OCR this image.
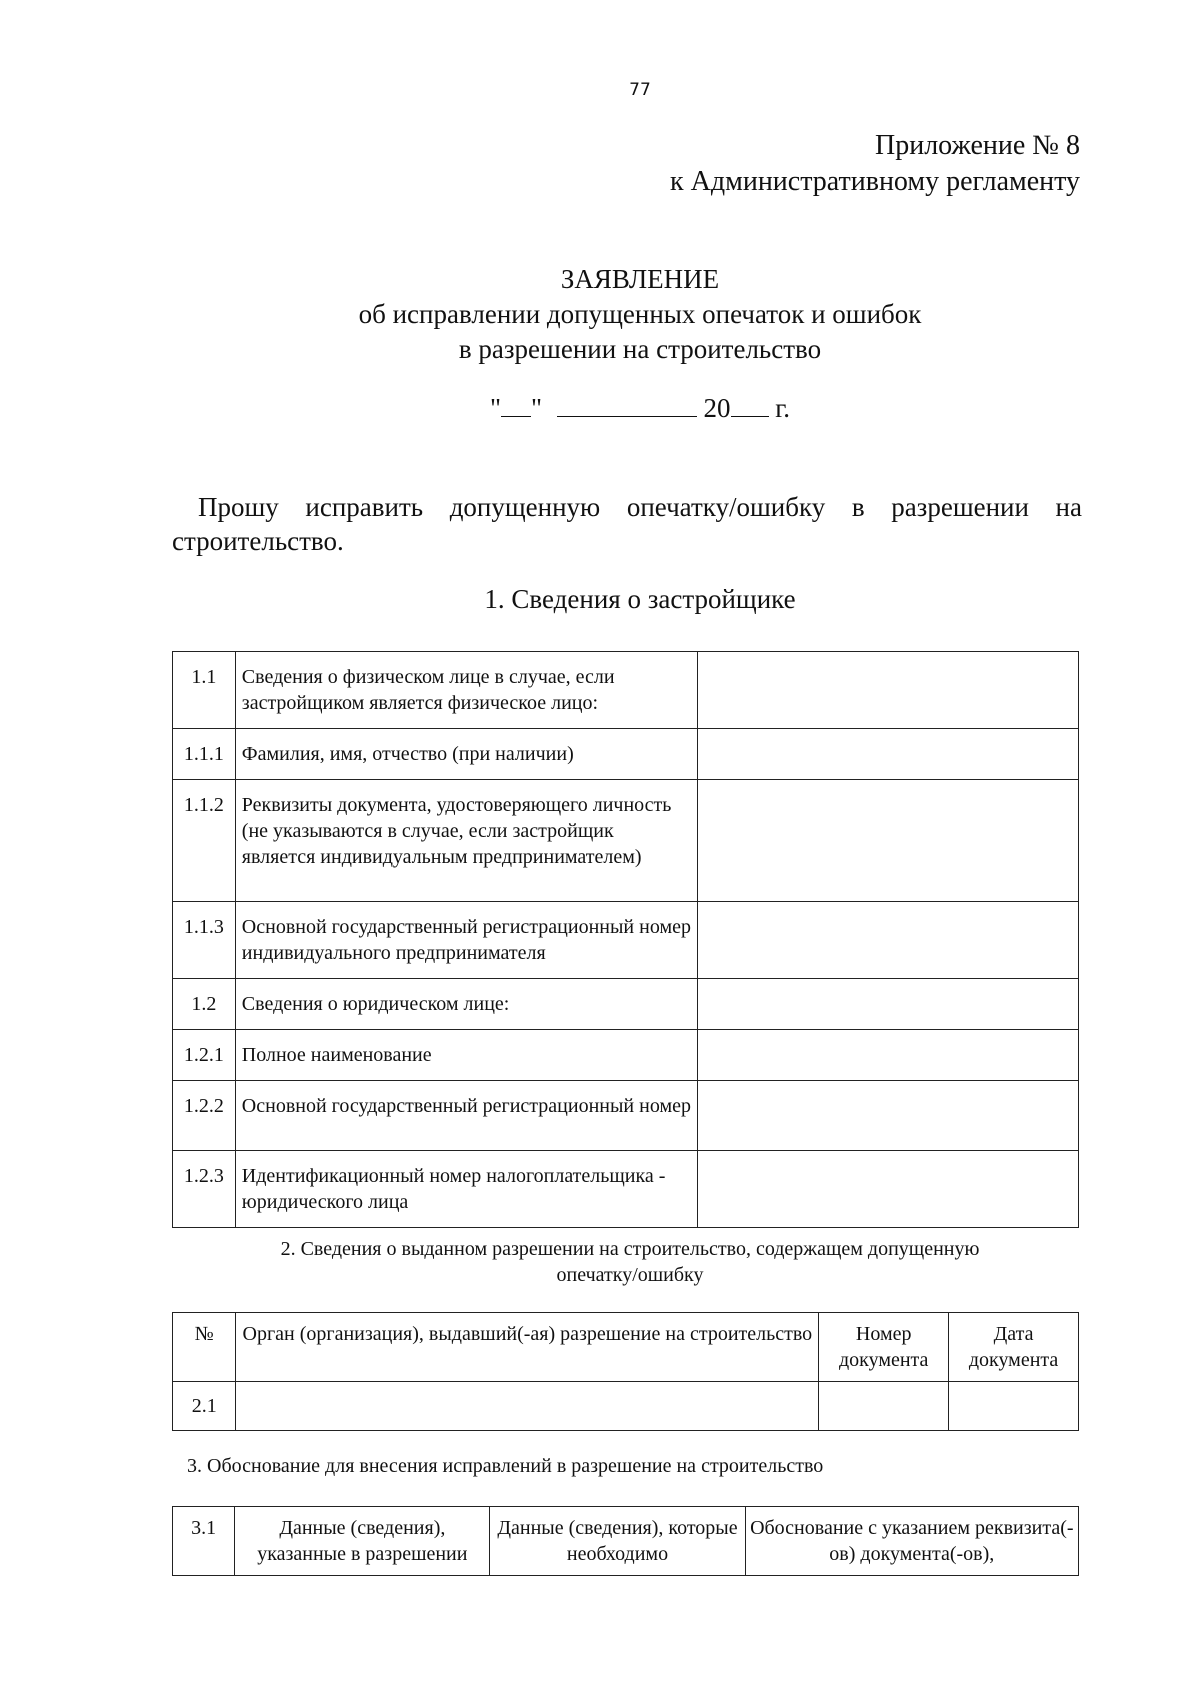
77
Приложение № 8
к Административному регламенту
ЗАЯВЛЕНИЕ
об исправлении допущенных опечаток и ошибок
в разрешении на строительство
" "	20 г.
Прошу исправить допущенную опечатку/ошибку в разрешении на строительство.
1. Сведения о застройщике
1.1	Сведения о физическом лице в случае, если застройщиком является физическое лицо:	
1.1.1	Фамилия, имя, отчество (при наличии)	
1.1.2	Реквизиты документа, удостоверяющего личность (не указываются в случае, если застройщик является индивидуальным предпринимателем)	
1.1.3	Основной государственный регистрационный номер индивидуального предпринимателя	
1.2	Сведения о юридическом лице:	
1.2.1	Полное наименование	
1.2.2	Основной государственный регистрационный номер	
1.2.3	Идентификационный номер налогоплательщика - юридического лица	
2. Сведения о выданном разрешении на строительство, содержащем допущенную
опечатку/ошибку
№	Орган (организация), выдавший(-ая) разрешение на строительство	Номер документа	Дата документа
2.1			
3. Обоснование для внесения исправлений в разрешение на строительство
3.1	Данные (сведения), указанные в разрешении	Данные (сведения), которые необходимо	Обоснование с указанием реквизита(-ов) документа(-ов),
